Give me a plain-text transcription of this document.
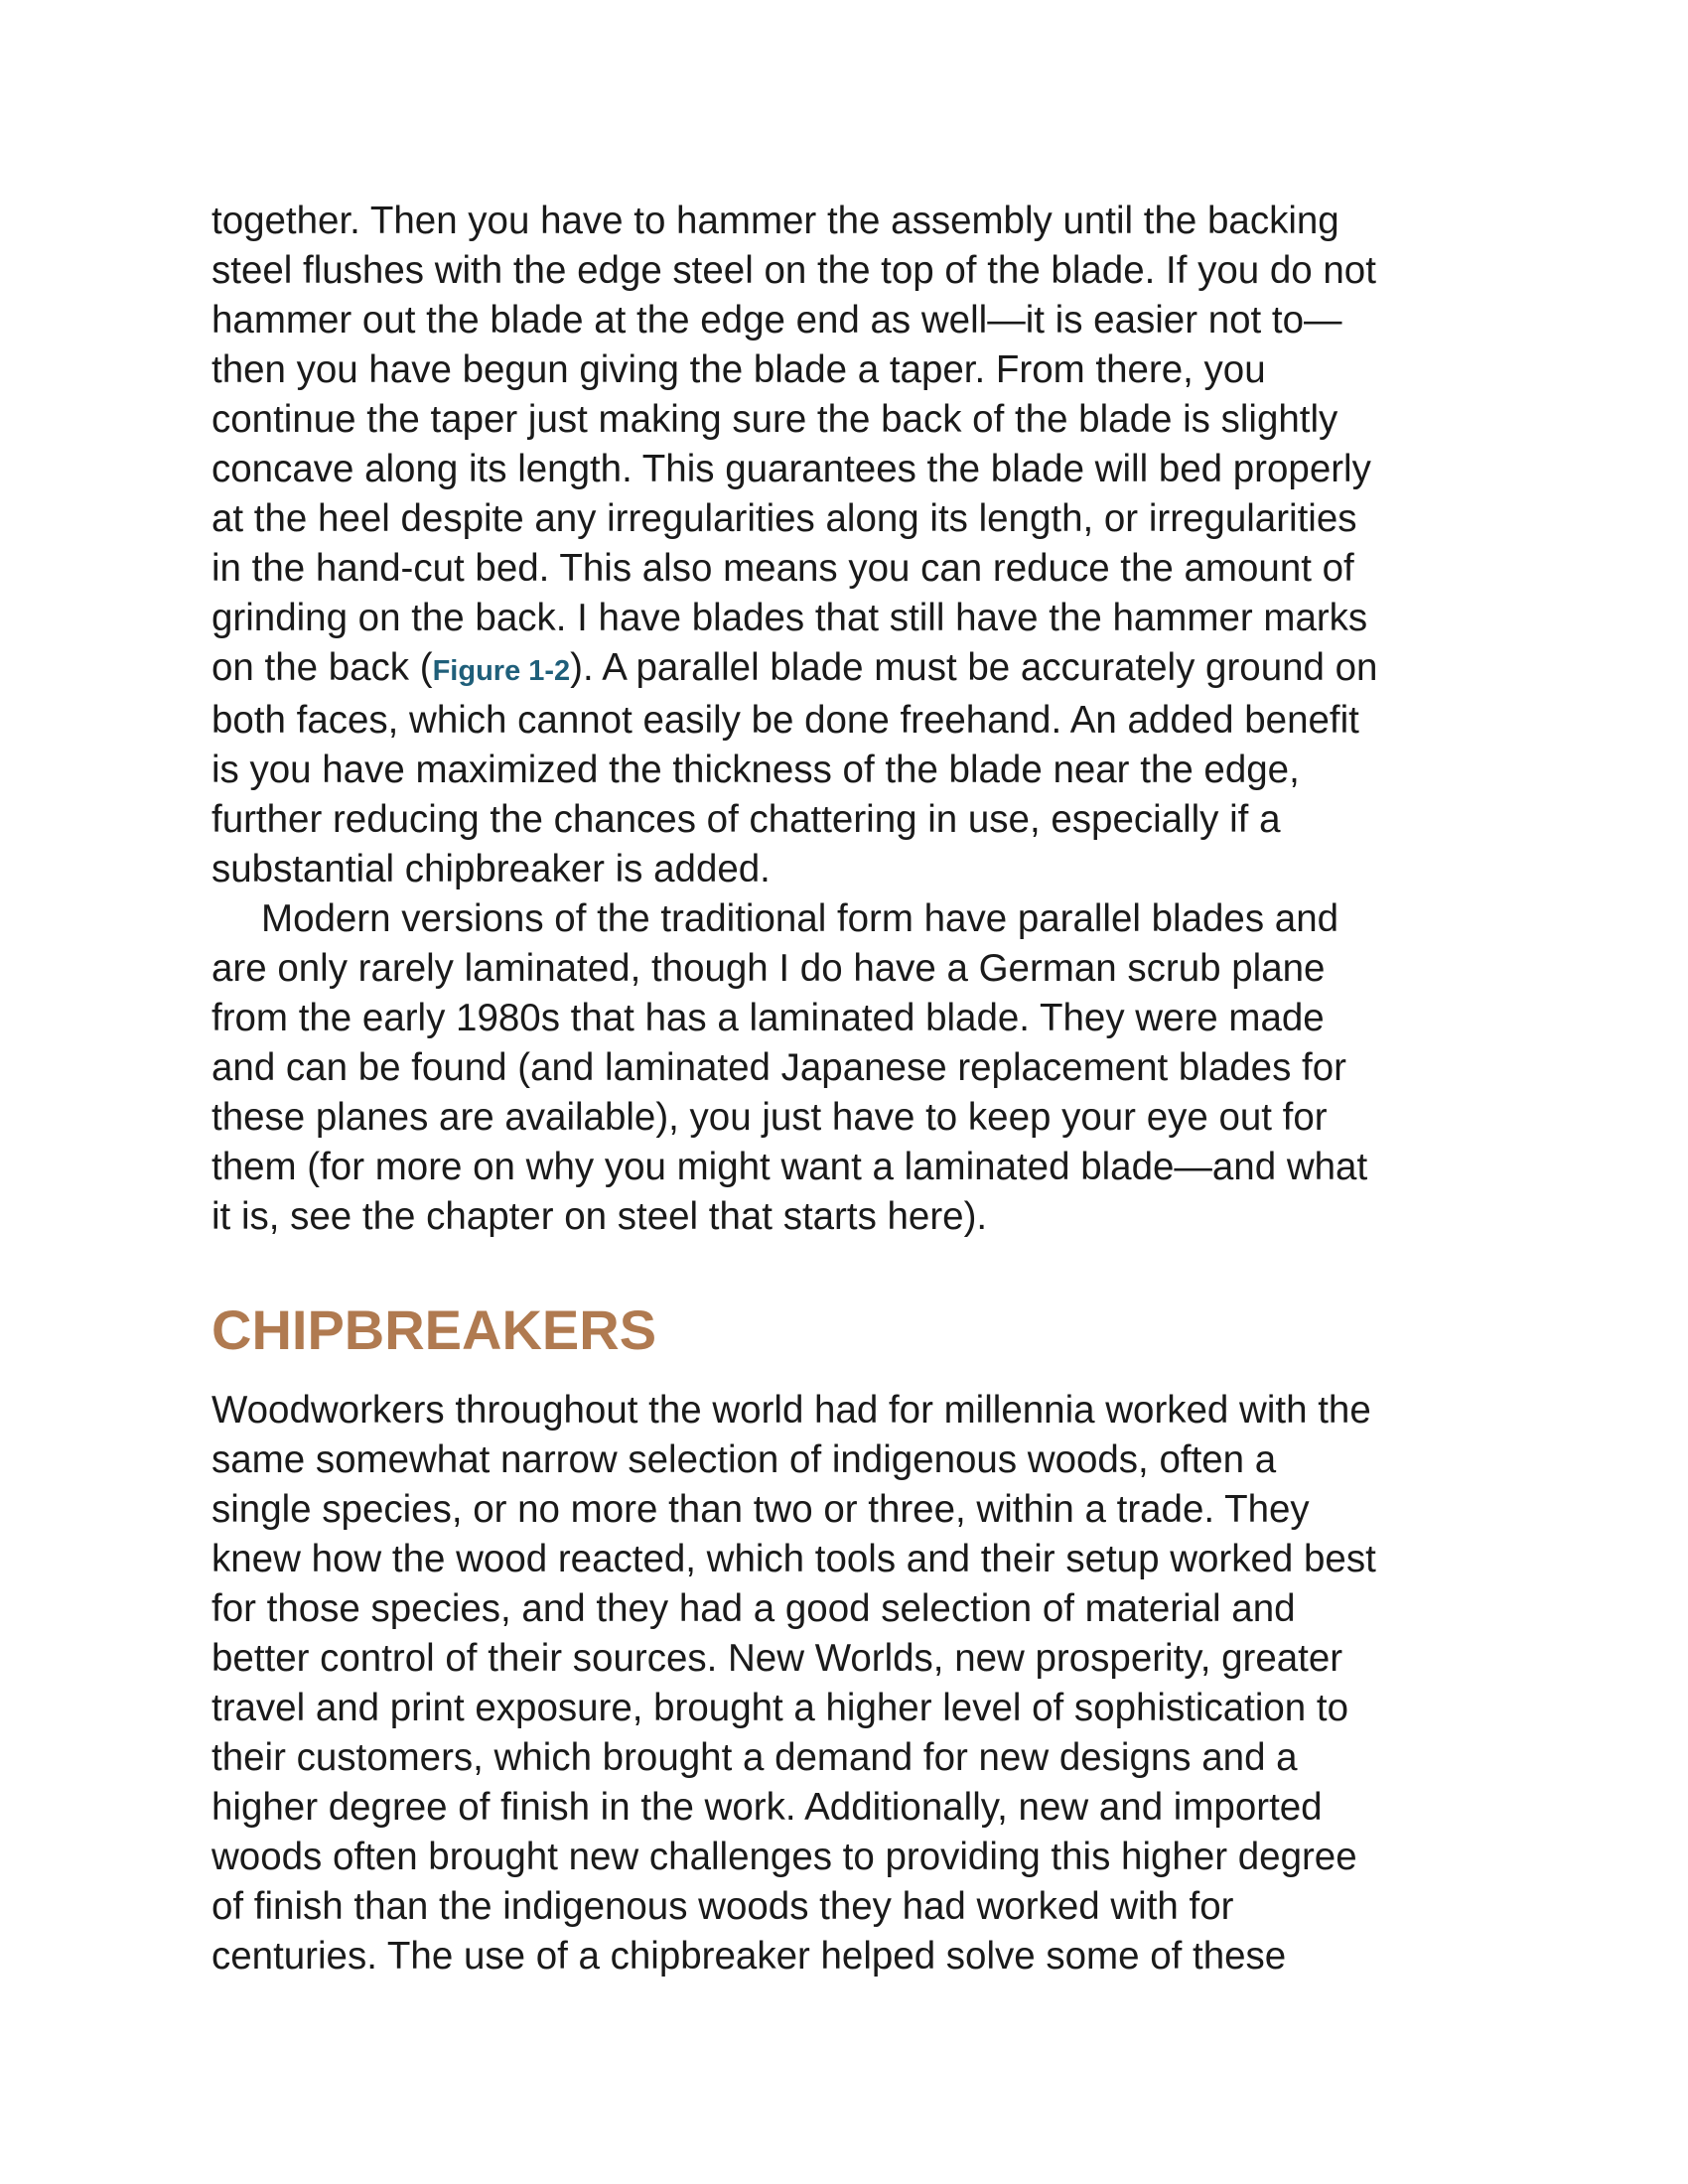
together. Then you have to hammer the assembly until the backing
steel flushes with the edge steel on the top of the blade. If you do not
hammer out the blade at the edge end as well—it is easier not to—
then you have begun giving the blade a taper. From there, you
continue the taper just making sure the back of the blade is slightly
concave along its length. This guarantees the blade will bed properly
at the heel despite any irregularities along its length, or irregularities
in the hand-cut bed. This also means you can reduce the amount of
grinding on the back. I have blades that still have the hammer marks
on the back (Figure 1-2). A parallel blade must be accurately ground on
both faces, which cannot easily be done freehand. An added benefit
is you have maximized the thickness of the blade near the edge,
further reducing the chances of chattering in use, especially if a
substantial chipbreaker is added.

Modern versions of the traditional form have parallel blades and
are only rarely laminated, though I do have a German scrub plane
from the early 1980s that has a laminated blade. They were made
and can be found (and laminated Japanese replacement blades for
these planes are available), you just have to keep your eye out for
them (for more on why you might want a laminated blade—and what
it is, see the chapter on steel that starts here).

CHIPBREAKERS

Woodworkers throughout the world had for millennia worked with the
same somewhat narrow selection of indigenous woods, often a
single species, or no more than two or three, within a trade. They
knew how the wood reacted, which tools and their setup worked best
for those species, and they had a good selection of material and
better control of their sources. New Worlds, new prosperity, greater
travel and print exposure, brought a higher level of sophistication to
their customers, which brought a demand for new designs and a
higher degree of finish in the work. Additionally, new and imported
woods often brought new challenges to providing this higher degree
of finish than the indigenous woods they had worked with for
centuries. The use of a chipbreaker helped solve some of these
